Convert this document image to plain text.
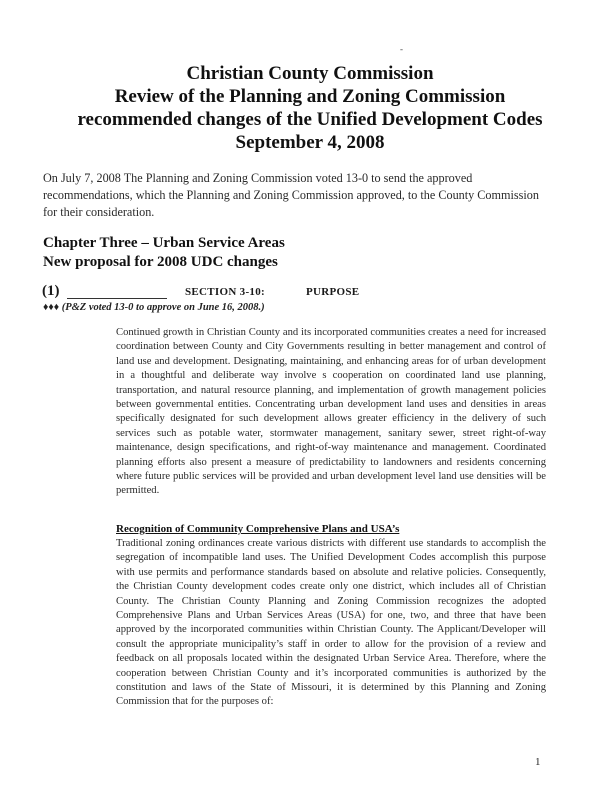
-
Christian County Commission
Review of the Planning and Zoning Commission
recommended changes of the Unified Development Codes
September 4, 2008
On July 7, 2008 The Planning and Zoning Commission voted 13-0 to send the approved recommendations, which the Planning and Zoning Commission approved, to the County Commission for their consideration.
Chapter Three – Urban Service Areas
New proposal for 2008 UDC changes
(1)	SECTION 3-10:	PURPOSE
♦♦♦ (P&Z voted 13-0 to approve on June 16, 2008.)
Continued growth in Christian County and its incorporated communities creates a need for increased coordination between County and City Governments resulting in better management and control of land use and development. Designating, maintaining, and enhancing areas for of urban development in a thoughtful and deliberate way involve s cooperation on coordinated land use planning, transportation, and natural resource planning, and implementation of growth management policies between governmental entities. Concentrating urban development land uses and densities in areas specifically designated for such development allows greater efficiency in the delivery of such services such as potable water, stormwater management, sanitary sewer, street right-of-way maintenance, design specifications, and right-of-way maintenance and management. Coordinated planning efforts also present a measure of predictability to landowners and residents concerning where future public services will be provided and urban development level land use densities will be permitted.
Recognition of Community Comprehensive Plans and USA’s
Traditional zoning ordinances create various districts with different use standards to accomplish the segregation of incompatible land uses. The Unified Development Codes accomplish this purpose with use permits and performance standards based on absolute and relative policies. Consequently, the Christian County development codes create only one district, which includes all of Christian County. The Christian County Planning and Zoning Commission recognizes the adopted Comprehensive Plans and Urban Services Areas (USA) for one, two, and three that have been approved by the incorporated communities within Christian County. The Applicant/Developer will consult the appropriate municipality’s staff in order to allow for the provision of a review and feedback on all proposals located within the designated Urban Service Area. Therefore, where the cooperation between Christian County and it’s incorporated communities is authorized by the constitution and laws of the State of Missouri, it is determined by this Planning and Zoning Commission that for the purposes of:
1
